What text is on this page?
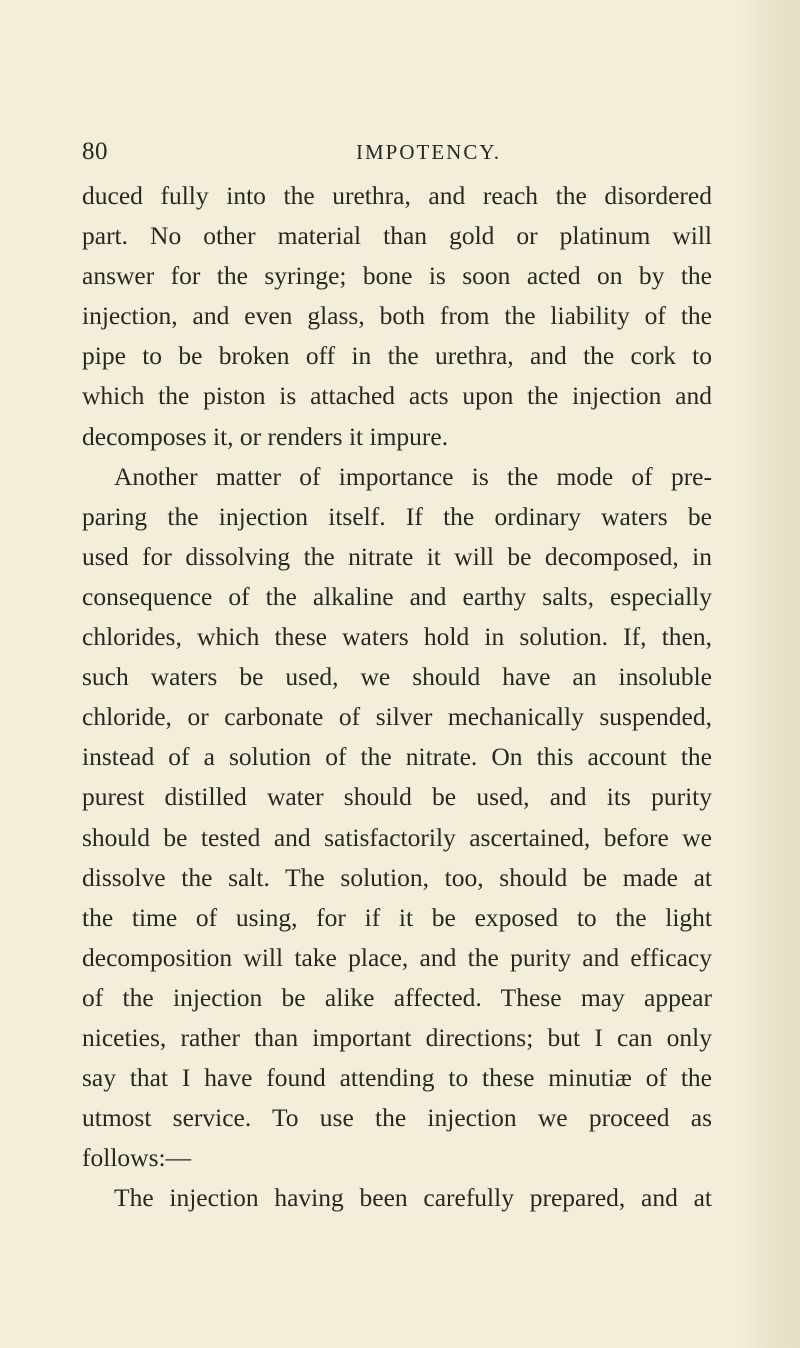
80	IMPOTENCY.
duced fully into the urethra, and reach the disordered
part. No other material than gold or platinum will
answer for the syringe; bone is soon acted on by the
injection, and even glass, both from the liability of the
pipe to be broken off in the urethra, and the cork to
which the piston is attached acts upon the injection and
decomposes it, or renders it impure.
Another matter of importance is the mode of pre-
paring the injection itself. If the ordinary waters be
used for dissolving the nitrate it will be decomposed, in
consequence of the alkaline and earthy salts, especially
chlorides, which these waters hold in solution. If, then,
such waters be used, we should have an insoluble
chloride, or carbonate of silver mechanically suspended,
instead of a solution of the nitrate. On this account the
purest distilled water should be used, and its purity
should be tested and satisfactorily ascertained, before we
dissolve the salt. The solution, too, should be made at
the time of using, for if it be exposed to the light
decomposition will take place, and the purity and efficacy
of the injection be alike affected. These may appear
niceties, rather than important directions; but I can only
say that I have found attending to these minutiæ of the
utmost service. To use the injection we proceed as
follows:—
The injection having been carefully prepared, and at
